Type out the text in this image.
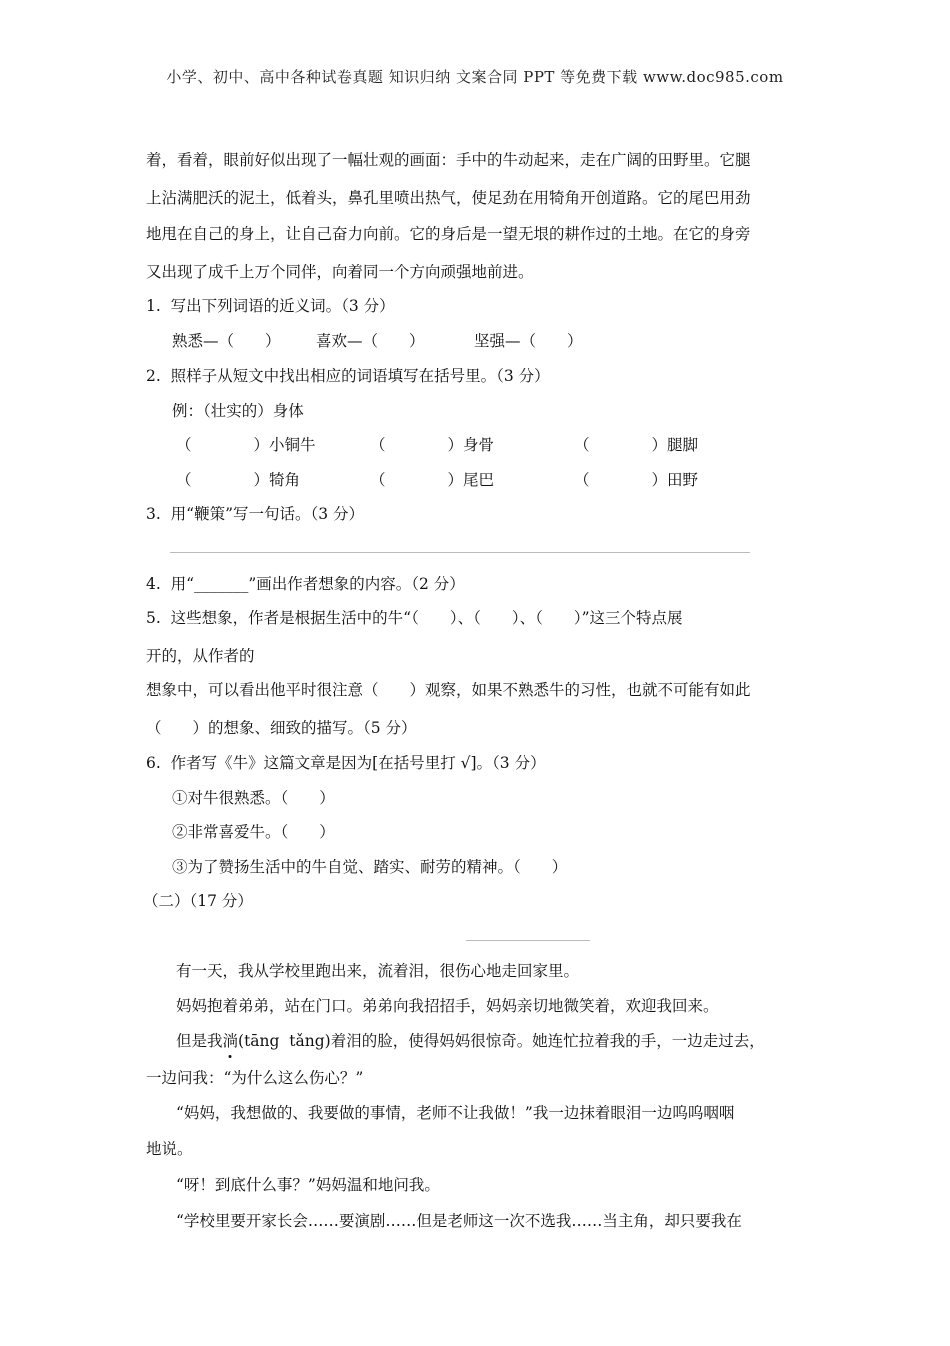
小学、初中、高中各种试卷真题 知识归纳 文案合同 PPT 等免费下载 www.doc985.com
着，看着，眼前好似出现了一幅壮观的画面：手中的牛动起来，走在广阔的田野里。它腿
上沾满肥沃的泥土，低着头，鼻孔里喷出热气，使足劲在用犄角开创道路。它的尾巴用劲
地甩在自己的身上，让自己奋力向前。它的身后是一望无垠的耕作过的土地。在它的身旁
又出现了成千上万个同伴，向着同一个方向顽强地前进。
1.  写出下列词语的近义词。（3 分）
熟悉—（　　） 喜欢—（　　）	坚强—（　　）
2.  照样子从短文中找出相应的词语填写在括号里。（3 分）
例：（壮实的）身体
（　　　　）小铜牛	（　　　　）身骨	（　　　　）腿脚
（　　　　）犄角	（　　　　）尾巴	（　　　　）田野
3.  用“鞭策”写一句话。（3 分）
4.  用“_______”画出作者想象的内容。（2 分）
5.  这些想象，作者是根据生活中的牛“（　　）、（　　）、（　　）”这三个特点展
开的，从作者的
想象中，可以看出他平时很注意（　　）观察，如果不熟悉牛的习性，也就不可能有如此
（　　）的想象、细致的描写。（5 分）
6.  作者写《牛》这篇文章是因为[在括号里打 √]。（3 分）
①对牛很熟悉。（　　）
②非常喜爱牛。（　　）
③为了赞扬生活中的牛自觉、踏实、耐劳的精神。（　　）
（二）（17 分）
有一天，我从学校里跑出来，流着泪，很伤心地走回家里。
妈妈抱着弟弟，站在门口。弟弟向我招招手，妈妈亲切地微笑着，欢迎我回来。
但是我淌(tāng  tǎng)着泪的脸，使得妈妈很惊奇。她连忙拉着我的手，一边走过去，
一边问我：“为什么这么伤心？”
“妈妈，我想做的、我要做的事情，老师不让我做！”我一边抹着眼泪一边呜呜咽咽
地说。
“呀！到底什么事？”妈妈温和地问我。
“学校里要开家长会……要演剧……但是老师这一次不选我……当主角，却只要我在
